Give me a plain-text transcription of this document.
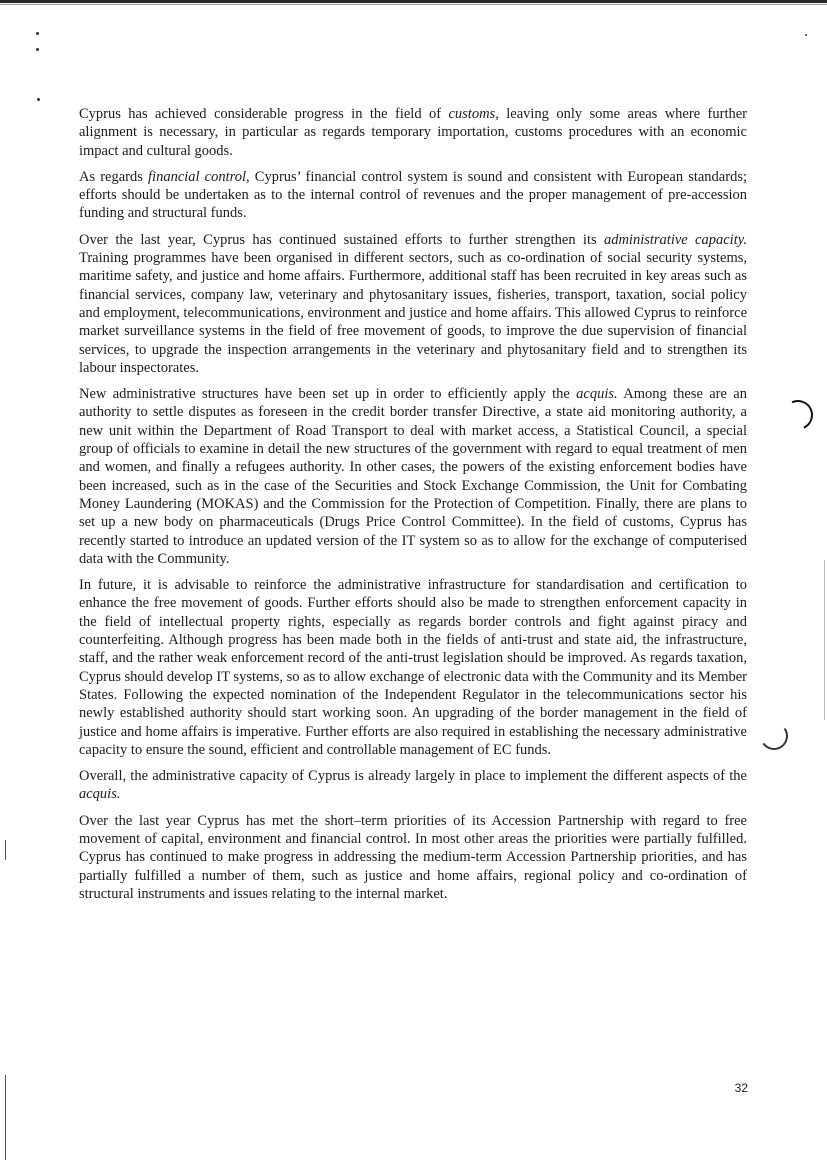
Cyprus has achieved considerable progress in the field of customs, leaving only some areas where further alignment is necessary, in particular as regards temporary importation, customs procedures with an economic impact and cultural goods.

As regards financial control, Cyprus’ financial control system is sound and consistent with European standards; efforts should be undertaken as to the internal control of revenues and the proper management of pre-accession funding and structural funds.

Over the last year, Cyprus has continued sustained efforts to further strengthen its administrative capacity. Training programmes have been organised in different sectors, such as co-ordination of social security systems, maritime safety, and justice and home affairs. Furthermore, additional staff has been recruited in key areas such as financial services, company law, veterinary and phytosanitary issues, fisheries, transport, taxation, social policy and employment, telecommunications, environment and justice and home affairs. This allowed Cyprus to reinforce market surveillance systems in the field of free movement of goods, to improve the due supervision of financial services, to upgrade the inspection arrangements in the veterinary and phytosanitary field and to strengthen its labour inspectorates.

New administrative structures have been set up in order to efficiently apply the acquis. Among these are an authority to settle disputes as foreseen in the credit border transfer Directive, a state aid monitoring authority, a new unit within the Department of Road Transport to deal with market access, a Statistical Council, a special group of officials to examine in detail the new structures of the government with regard to equal treatment of men and women, and finally a refugees authority. In other cases, the powers of the existing enforcement bodies have been increased, such as in the case of the Securities and Stock Exchange Commission, the Unit for Combating Money Laundering (MOKAS) and the Commission for the Protection of Competition. Finally, there are plans to set up a new body on pharmaceuticals (Drugs Price Control Committee). In the field of customs, Cyprus has recently started to introduce an updated version of the IT system so as to allow for the exchange of computerised data with the Community.

In future, it is advisable to reinforce the administrative infrastructure for standardisation and certification to enhance the free movement of goods. Further efforts should also be made to strengthen enforcement capacity in the field of intellectual property rights, especially as regards border controls and fight against piracy and counterfeiting. Although progress has been made both in the fields of anti-trust and state aid, the infrastructure, staff, and the rather weak enforcement record of the anti-trust legislation should be improved. As regards taxation, Cyprus should develop IT systems, so as to allow exchange of electronic data with the Community and its Member States. Following the expected nomination of the Independent Regulator in the telecommunications sector his newly established authority should start working soon. An upgrading of the border management in the field of justice and home affairs is imperative. Further efforts are also required in establishing the necessary administrative capacity to ensure the sound, efficient and controllable management of EC funds.

Overall, the administrative capacity of Cyprus is already largely in place to implement the different aspects of the acquis.

Over the last year Cyprus has met the short–term priorities of its Accession Partnership with regard to free movement of capital, environment and financial control. In most other areas the priorities were partially fulfilled. Cyprus has continued to make progress in addressing the medium-term Accession Partnership priorities, and has partially fulfilled a number of them, such as justice and home affairs, regional policy and co-ordination of structural instruments and issues relating to the internal market.

32
